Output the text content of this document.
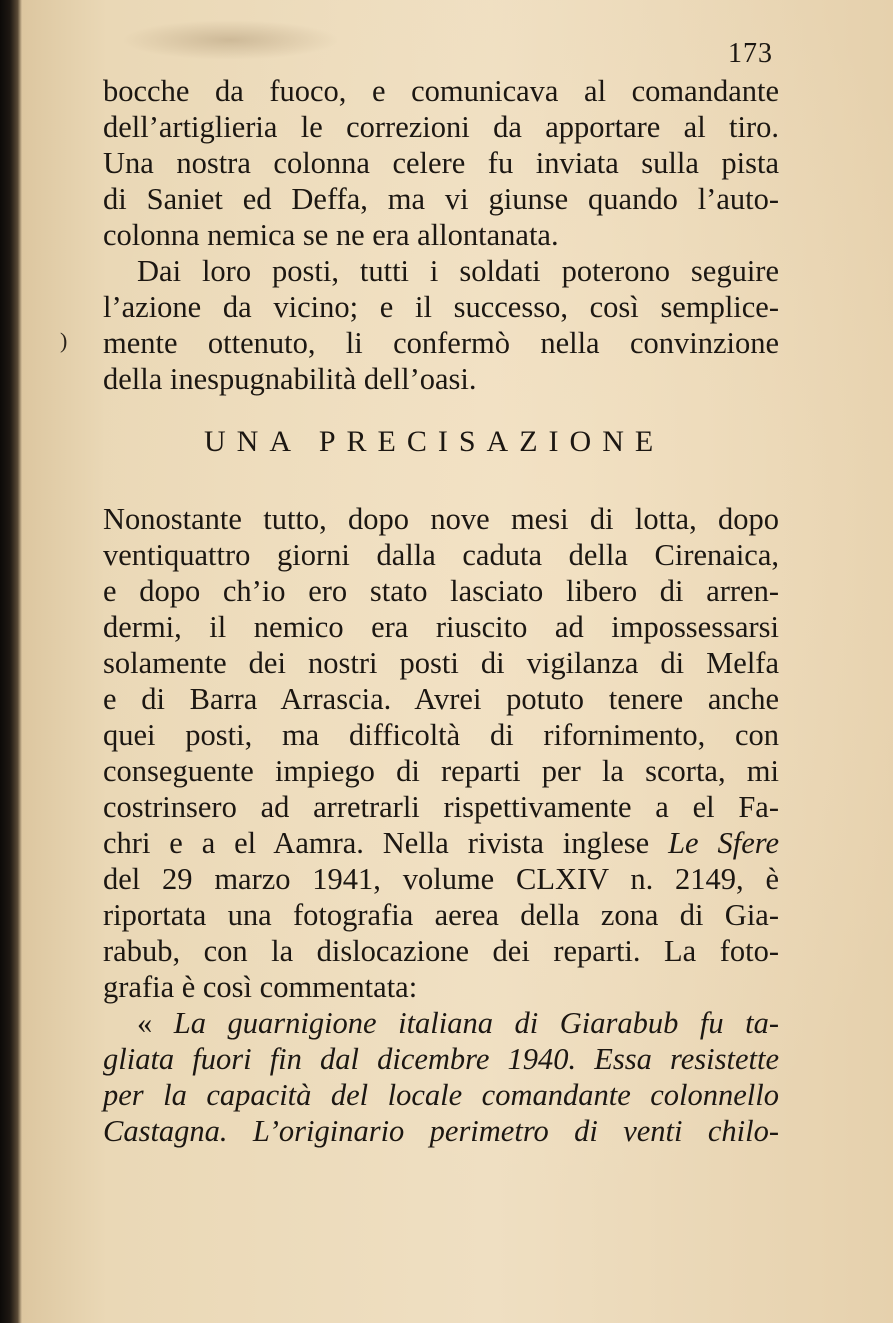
173
)
bocche da fuoco, e comunicava al comandante
dell’artiglieria le correzioni da apportare al tiro.
Una nostra colonna celere fu inviata sulla pista
di Saniet ed Deffa, ma vi giunse quando l’auto-
colonna nemica se ne era allontanata.
Dai loro posti, tutti i soldati poterono seguire
l’azione da vicino; e il successo, così semplice-
mente ottenuto, li confermò nella convinzione
della inespugnabilità dell’oasi.
UNA PRECISAZIONE
Nonostante tutto, dopo nove mesi di lotta, dopo
ventiquattro giorni dalla caduta della Cirenaica,
e dopo ch’io ero stato lasciato libero di arren-
dermi, il nemico era riuscito ad impossessarsi
solamente dei nostri posti di vigilanza di Melfa
e di Barra Arrascia. Avrei potuto tenere anche
quei posti, ma difficoltà di rifornimento, con
conseguente impiego di reparti per la scorta, mi
costrinsero ad arretrarli rispettivamente a el Fa-
chri e a el Aamra. Nella rivista inglese Le Sfere
del 29 marzo 1941, volume CLXIV n. 2149, è
riportata una fotografia aerea della zona di Gia-
rabub, con la dislocazione dei reparti. La foto-
grafia è così commentata:
« La guarnigione italiana di Giarabub fu ta-
gliata fuori fin dal dicembre 1940. Essa resistette
per la capacità del locale comandante colonnello
Castagna. L’originario perimetro di venti chilo-
